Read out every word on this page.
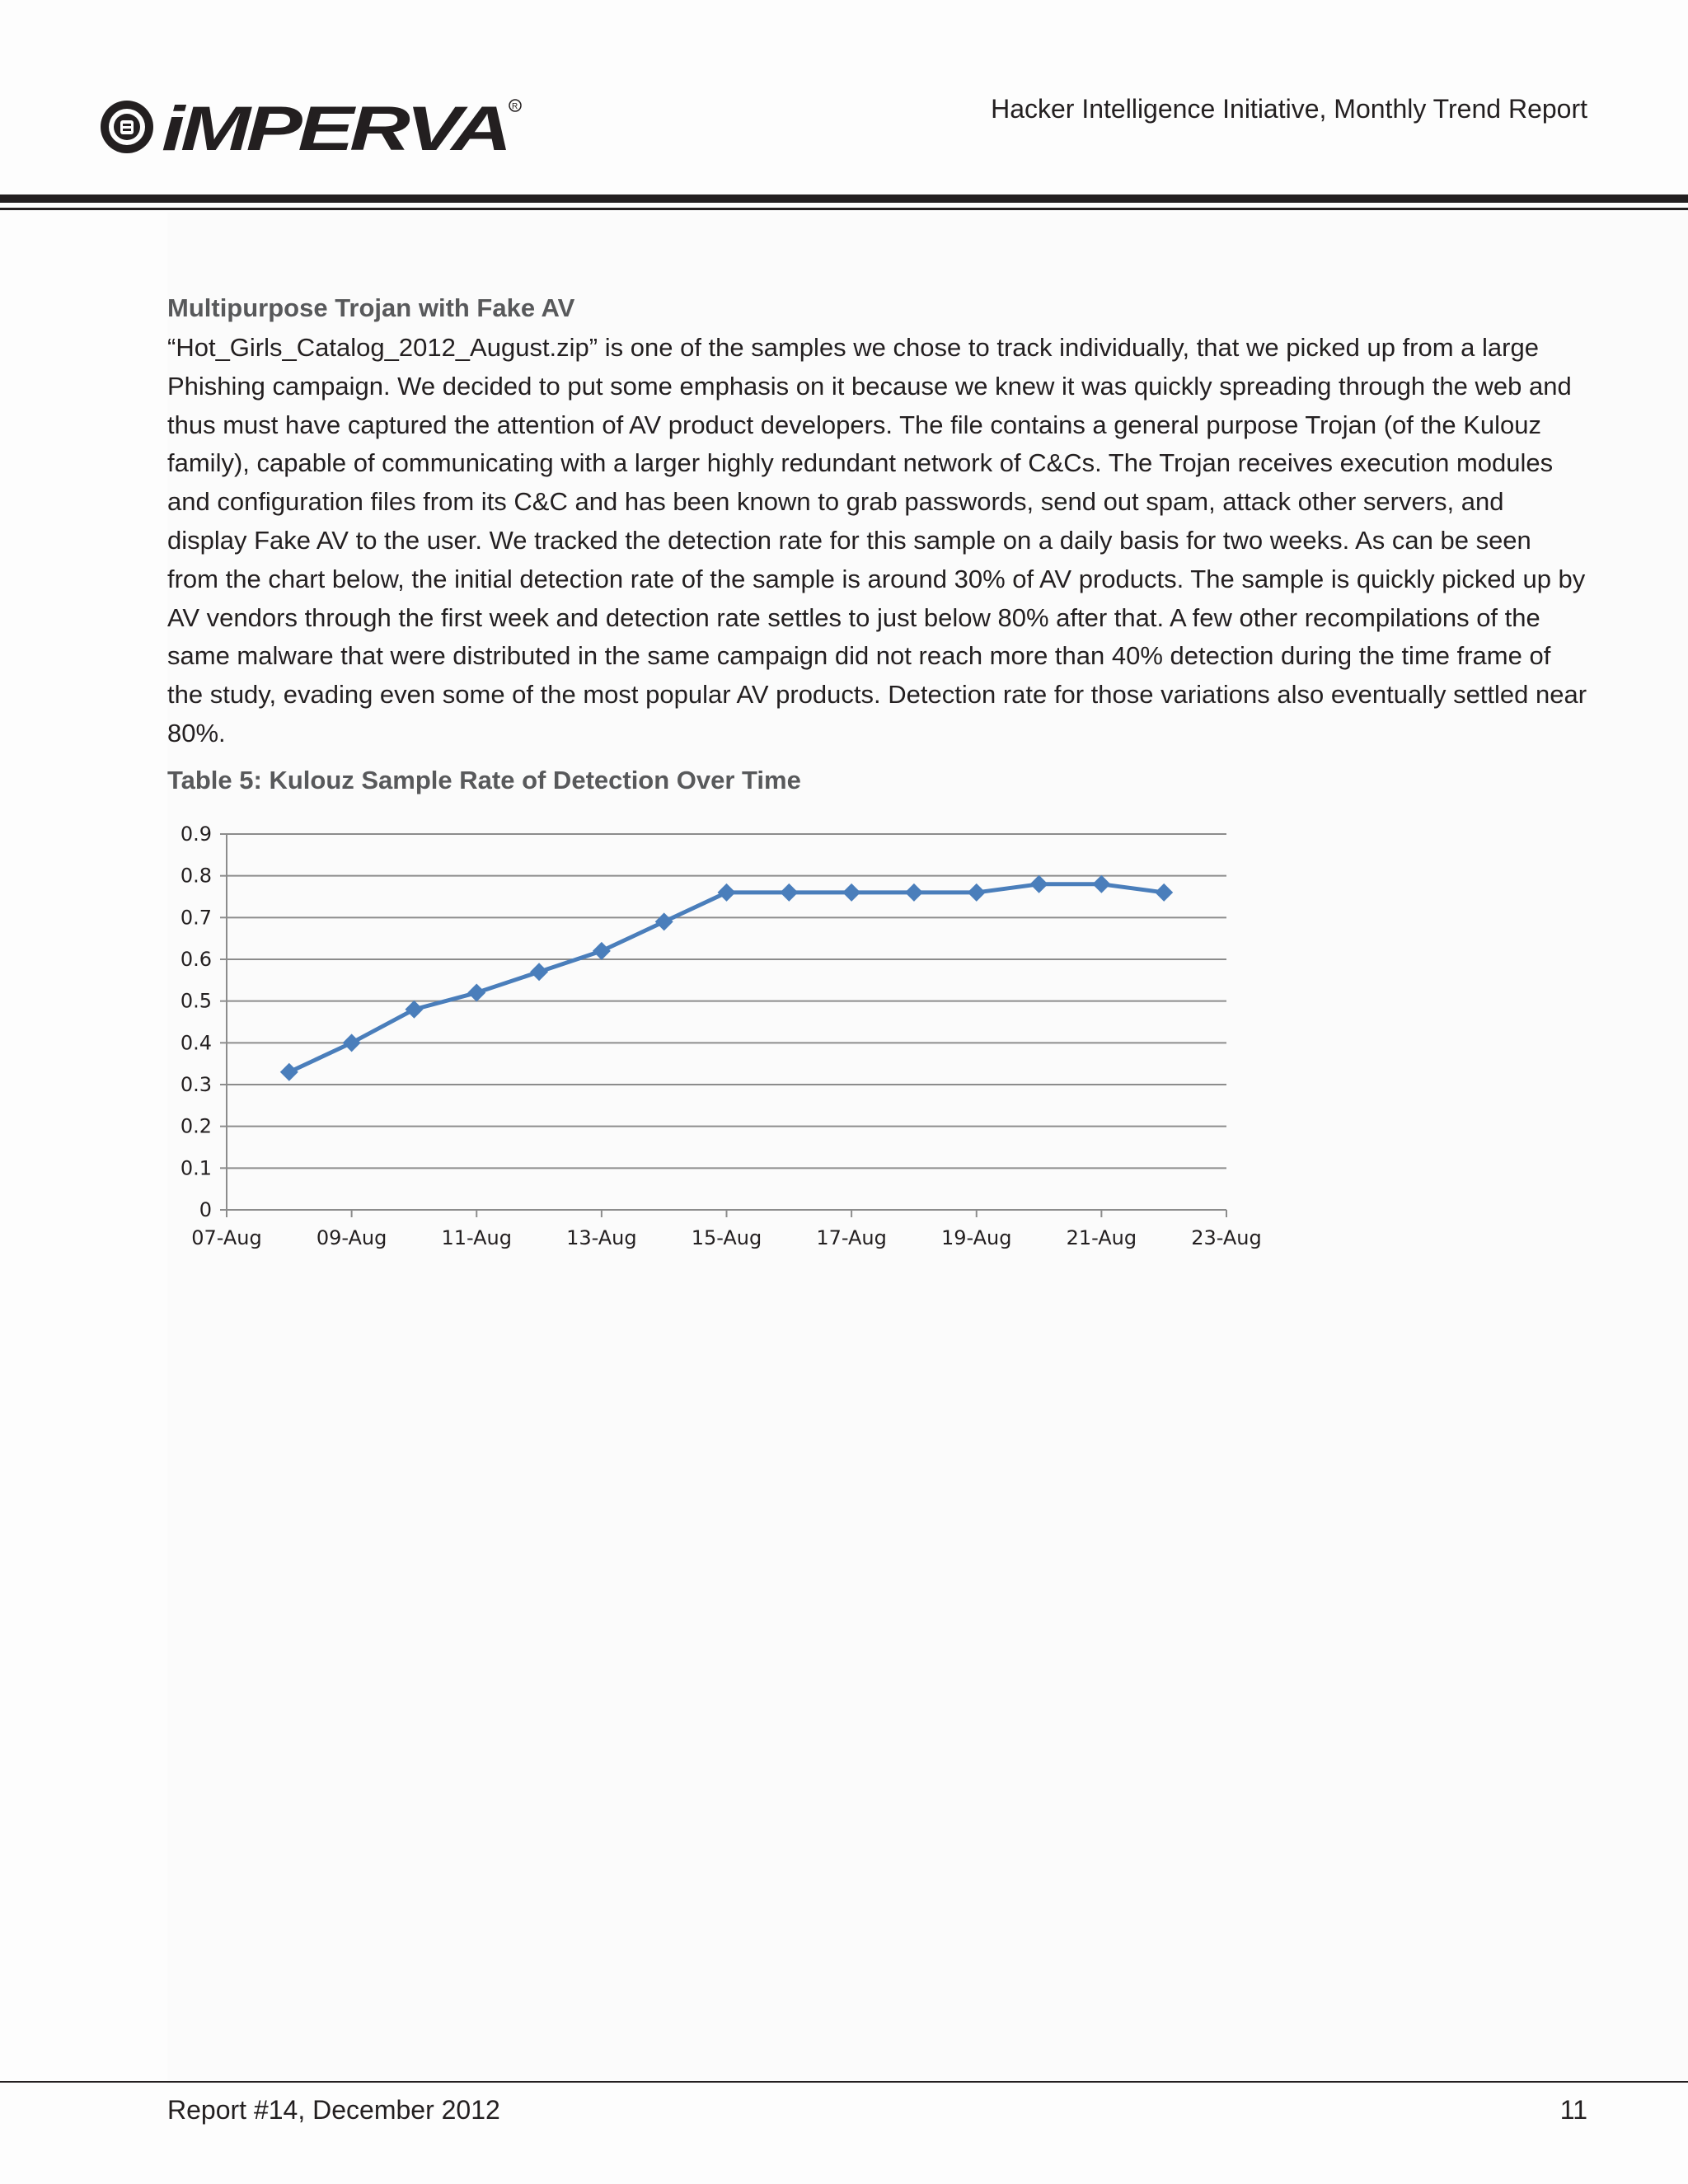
iMPERVA R	Hacker Intelligence Initiative, Monthly Trend Report
Multipurpose Trojan with Fake AV

“Hot_Girls_Catalog_2012_August.zip” is one of the samples we chose to track individually, that we picked up from a large Phishing campaign. We decided to put some emphasis on it because we knew it was quickly spreading through the web and thus must have captured the attention of AV product developers. The file contains a general purpose Trojan (of the Kulouz family), capable of communicating with a larger highly redundant network of C&Cs. The Trojan receives execution modules and configuration files from its C&C and has been known to grab passwords, send out spam, attack other servers, and display Fake AV to the user. We tracked the detection rate for this sample on a daily basis for two weeks. As can be seen from the chart below, the initial detection rate of the sample is around 30% of AV products. The sample is quickly picked up by AV vendors through the first week and detection rate settles to just below 80% after that. A few other recompilations of the same malware that were distributed in the same campaign did not reach more than 40% detection during the time frame of the study, evading even some of the most popular AV products. Detection rate for those variations also eventually settled near 80%.

Table 5: Kulouz Sample Rate of Detection Over Time
0
0.1
0.2
0.3
0.4
0.5
0.6
0.7
0.8
0.9
07-Aug	09-Aug	11-Aug	13-Aug	15-Aug	17-Aug	19-Aug	21-Aug	23-Aug
Report #14, December 2012	11
